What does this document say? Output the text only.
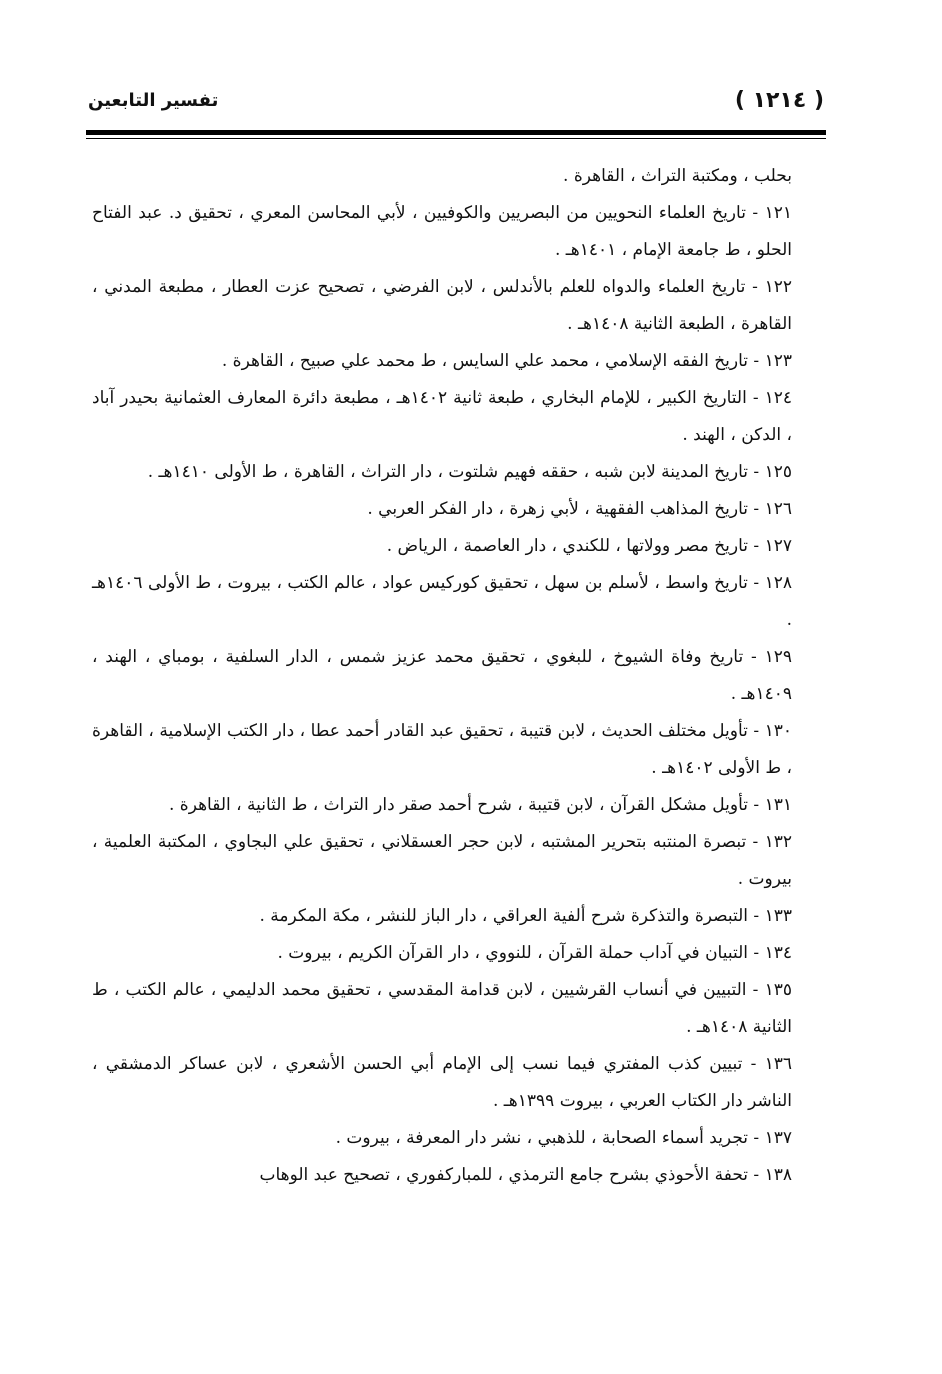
( ١٢١٤ )
تفسير التابعين
بحلب ، ومكتبة التراث ، القاهرة .
١٢١ - تاريخ العلماء النحويين من البصريين والكوفيين ، لأبي المحاسن المعري ، تحقيق د. عبد الفتاح الحلو ، ط جامعة الإمام ، ١٤٠١هـ .
١٢٢ - تاريخ العلماء والدواه للعلم بالأندلس ، لابن الفرضي ، تصحيح عزت العطار ، مطبعة المدني ، القاهرة ، الطبعة الثانية ١٤٠٨هـ .
١٢٣ - تاريخ الفقه الإسلامي ، محمد علي السايس ، ط محمد علي صبيح ، القاهرة .
١٢٤ - التاريخ الكبير ، للإمام البخاري ، طبعة ثانية ١٤٠٢هـ ، مطبعة دائرة المعارف العثمانية بحيدر آباد ، الدكن ، الهند .
١٢٥ - تاريخ المدينة لابن شبه ، حققه فهيم شلتوت ، دار التراث ، القاهرة ، ط الأولى ١٤١٠هـ .
١٢٦ - تاريخ المذاهب الفقهية ، لأبي زهرة ، دار الفكر العربي .
١٢٧ - تاريخ مصر وولاتها ، للكندي ، دار العاصمة ، الرياض .
١٢٨ - تاريخ واسط ، لأسلم بن سهل ، تحقيق كوركيس عواد ، عالم الكتب ، بيروت ، ط الأولى ١٤٠٦هـ .
١٢٩ - تاريخ وفاة الشيوخ ، للبغوي ، تحقيق محمد عزيز شمس ، الدار السلفية ، بومباي ، الهند ، ١٤٠٩هـ .
١٣٠ - تأويل مختلف الحديث ، لابن قتيبة ، تحقيق عبد القادر أحمد عطا ، دار الكتب الإسلامية ، القاهرة ، ط الأولى ١٤٠٢هـ .
١٣١ - تأويل مشكل القرآن ، لابن قتيبة ، شرح أحمد صقر دار التراث ، ط الثانية ، القاهرة .
١٣٢ - تبصرة المنتبه بتحرير المشتبه ، لابن حجر العسقلاني ، تحقيق علي البجاوي ، المكتبة العلمية ، بيروت .
١٣٣ - التبصرة والتذكرة شرح ألفية العراقي ، دار الباز للنشر ، مكة المكرمة .
١٣٤ - التبيان في آداب حملة القرآن ، للنووي ، دار القرآن الكريم ، بيروت .
١٣٥ - التبيين في أنساب القرشيين ، لابن قدامة المقدسي ، تحقيق محمد الدليمي ، عالم الكتب ، ط الثانية ١٤٠٨هـ .
١٣٦ - تبيين كذب المفتري فيما نسب إلى الإمام أبي الحسن الأشعري ، لابن عساكر الدمشقي ، الناشر دار الكتاب العربي ، بيروت ١٣٩٩هـ .
١٣٧ - تجريد أسماء الصحابة ، للذهبي ، نشر دار المعرفة ، بيروت .
١٣٨ - تحفة الأحوذي بشرح جامع الترمذي ، للمباركفوري ، تصحيح عبد الوهاب
